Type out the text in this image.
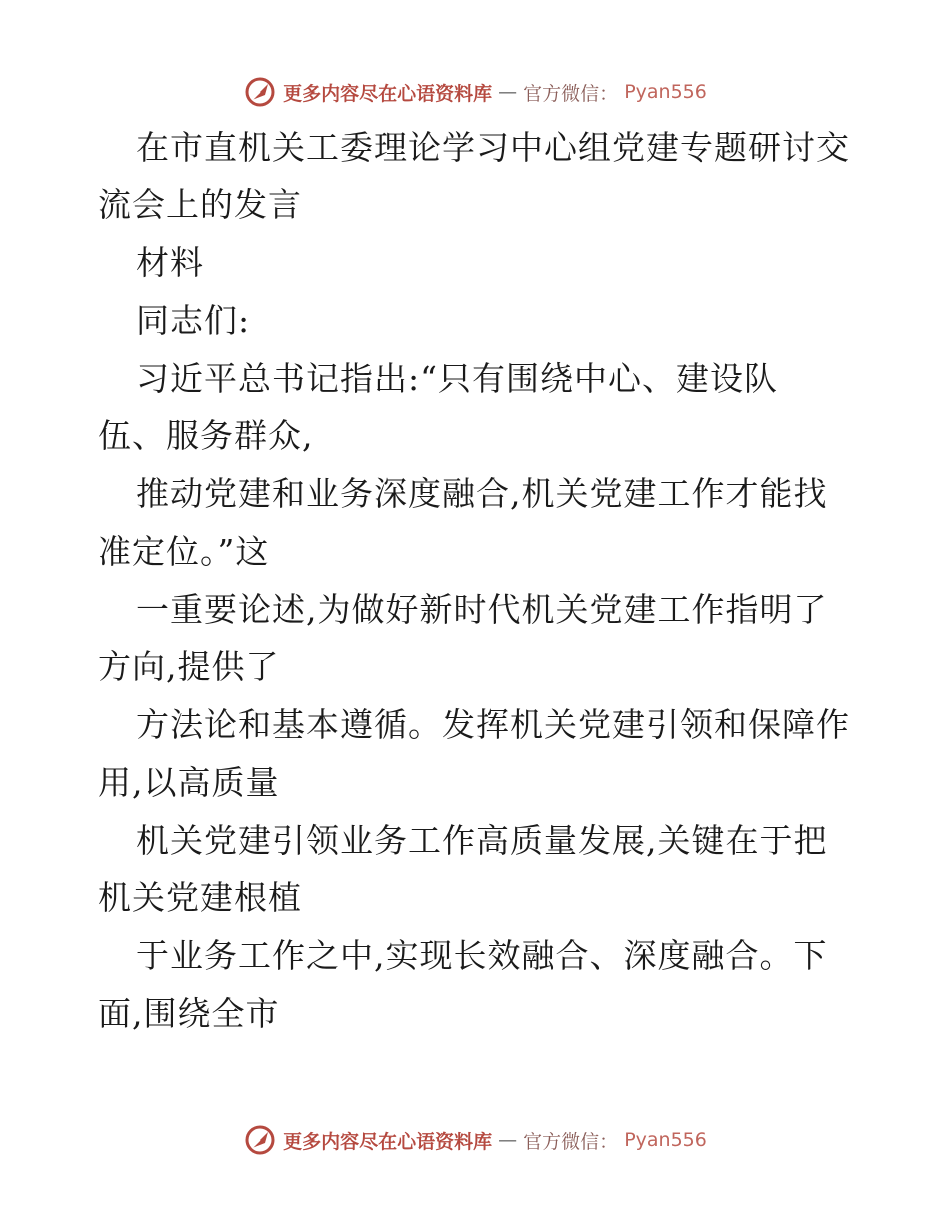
更多内容尽在心语资料库 — 官方微信： Pyan556
在市直机关工委理论学习中心组党建专题研讨交
流会上的发言
材料
同志们:
习近平总书记指出:“只有围绕中心、建设队
伍、服务群众,
推动党建和业务深度融合,机关党建工作才能找
准定位。”这
一重要论述,为做好新时代机关党建工作指明了
方向,提供了
方法论和基本遵循。发挥机关党建引领和保障作
用,以高质量
机关党建引领业务工作高质量发展,关键在于把
机关党建根植
于业务工作之中,实现长效融合、深度融合。下
面,围绕全市
更多内容尽在心语资料库 — 官方微信： Pyan556
